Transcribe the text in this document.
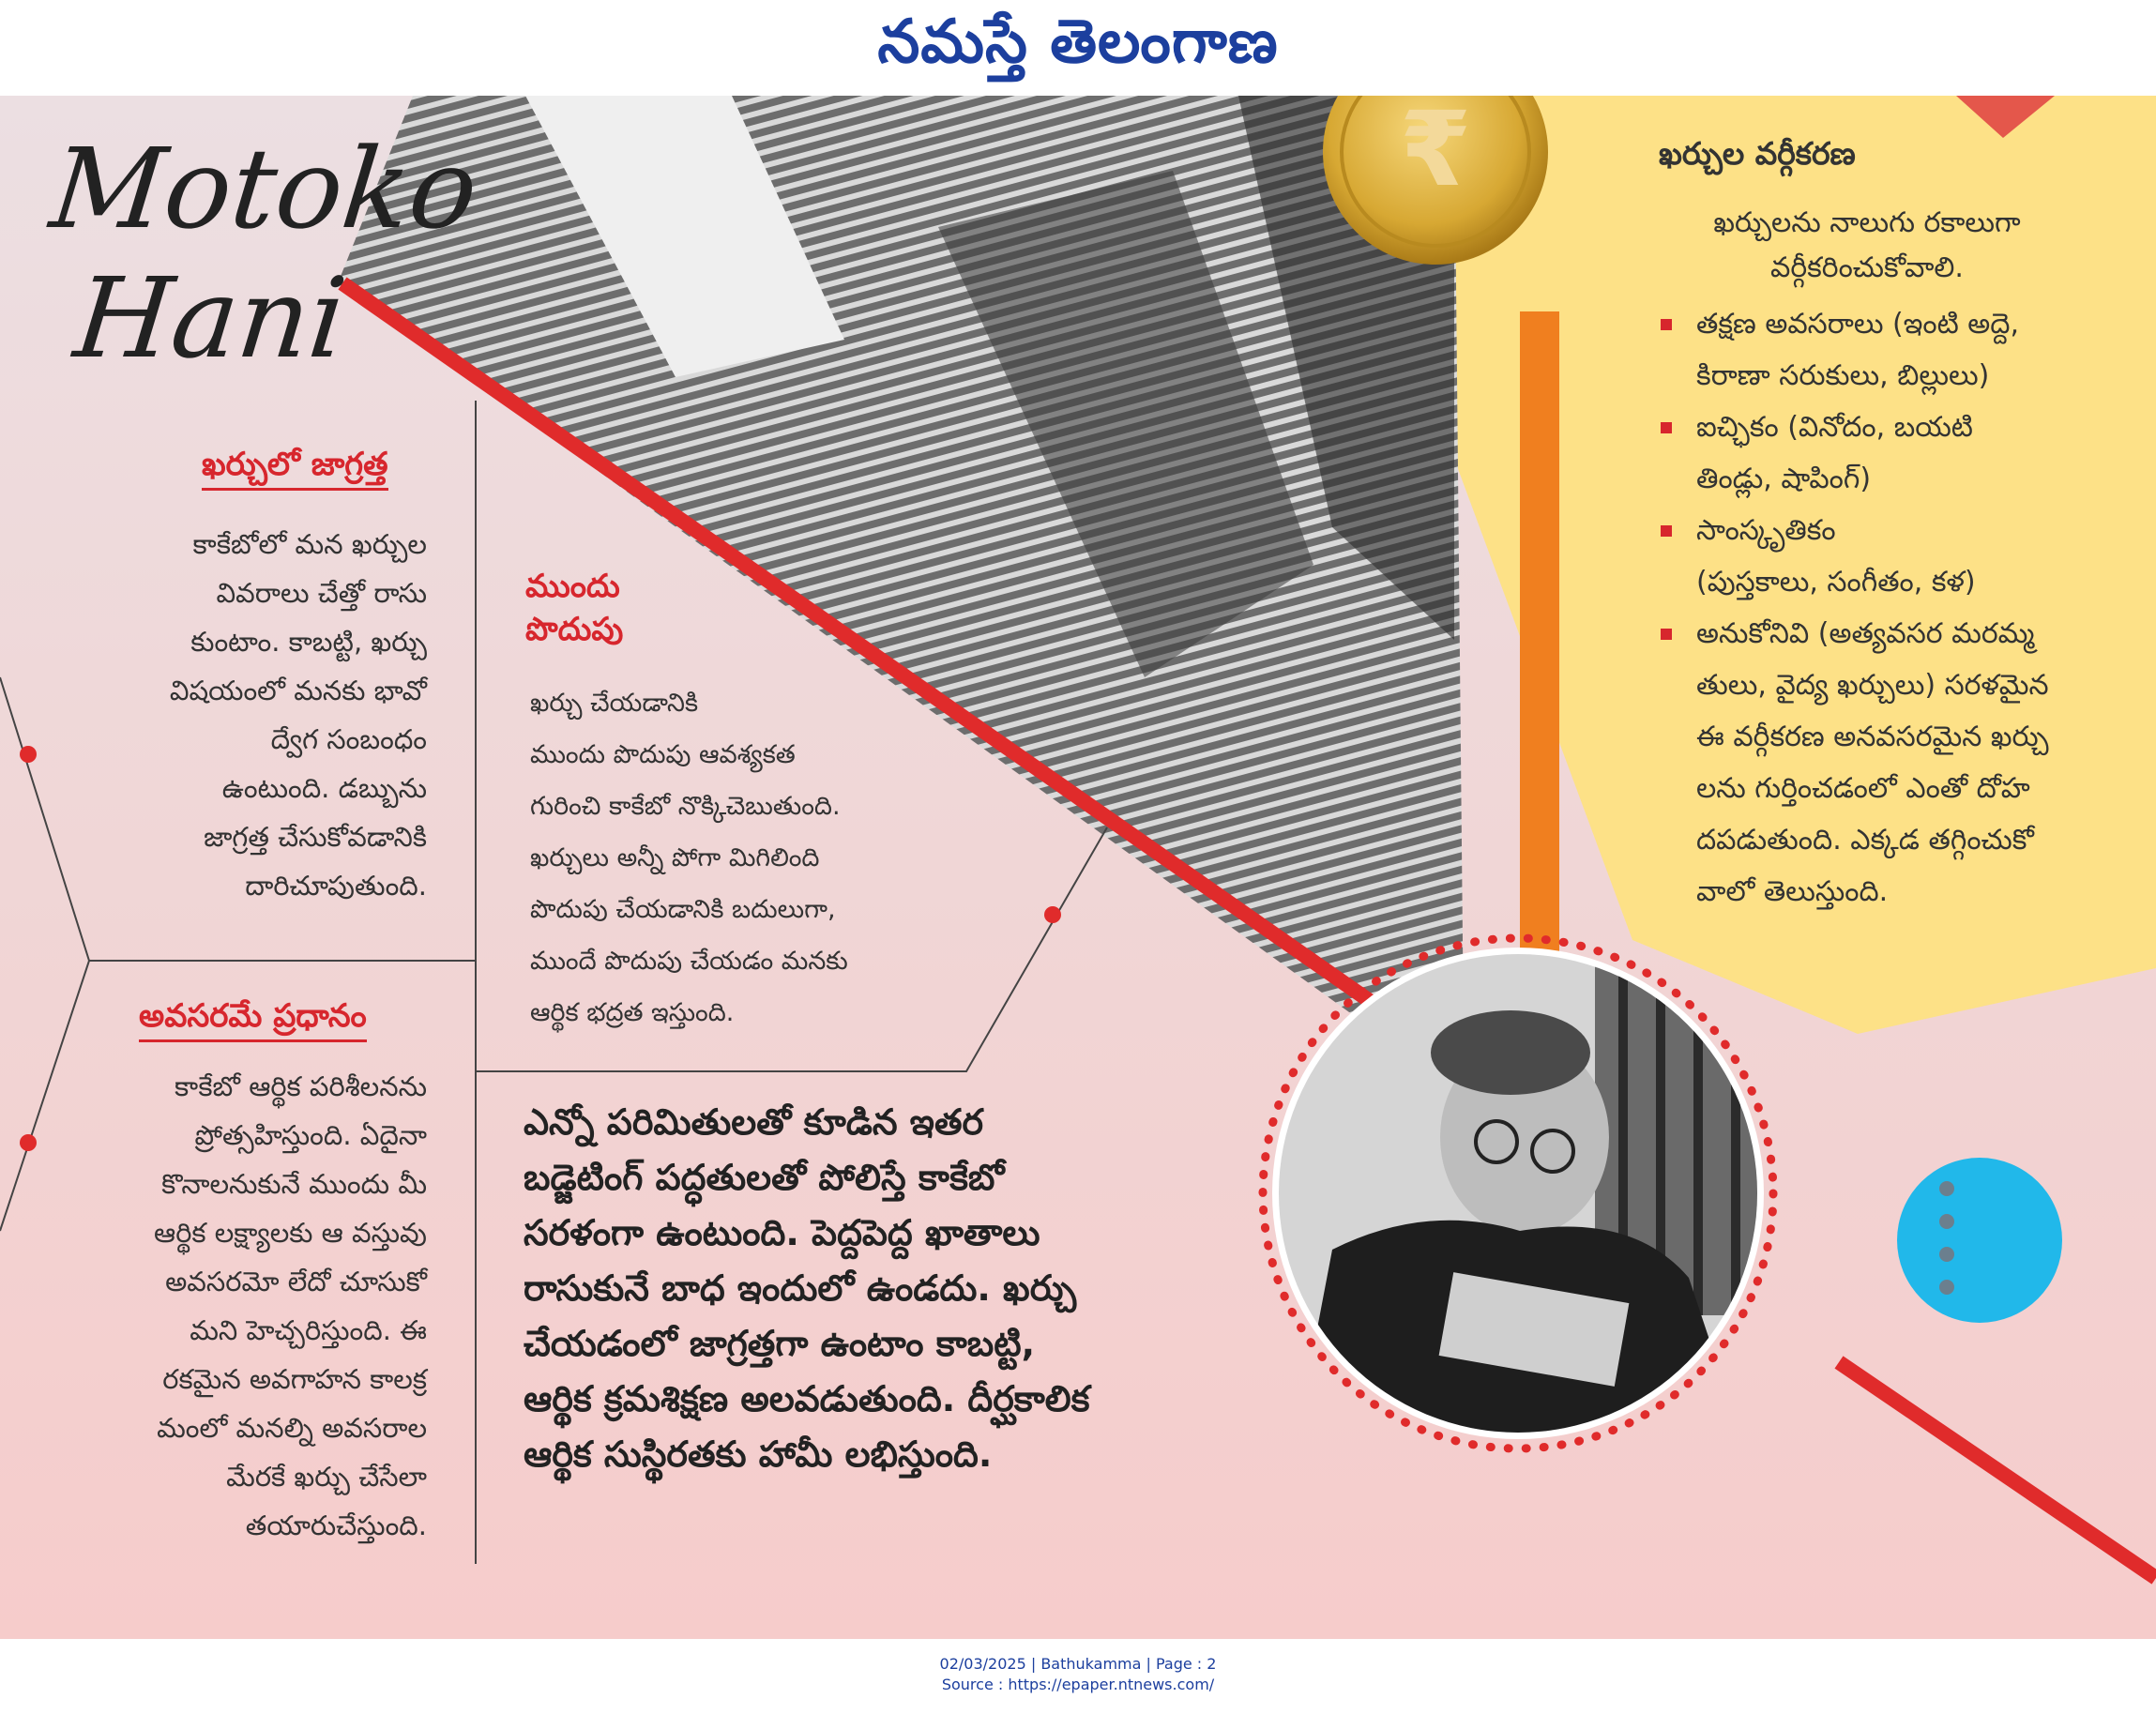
నమస్తే తెలంగాణ
₹
Motoko
Hani
ఖర్చులో జాగ్రత్త
కాకేబో‌లో మన ఖర్చుల
వివరాలు చేత్తో రాసు
కుంటాం. కాబట్టి, ఖర్చు
విషయంలో మనకు భావో
ద్వేగ సంబంధం
ఉంటుంది. డబ్బును
జాగ్రత్త చేసుకోవడానికి
దారిచూపుతుంది.
అవసరమే ప్రధానం
కాకేబో ఆర్థిక పరిశీలనను
ప్రోత్సహిస్తుంది. ఏదైనా
కొనాలనుకునే ముందు మీ
ఆర్థిక లక్ష్యాలకు ఆ వస్తువు
అవసరమో లేదో చూసుకో
మని హెచ్చరిస్తుంది. ఈ
రకమైన అవగాహన కాలక్ర
మంలో మనల్ని అవసరాల
మేరకే ఖర్చు చేసేలా
తయారుచేస్తుంది.
ముందు
పొదుపు
ఖర్చు చేయడానికి
ముందు పొదుపు ఆవశ్యకత
గురించి కాకేబో నొక్కిచెబుతుంది.
ఖర్చులు అన్నీ పోగా మిగిలింది
పొదుపు చేయడానికి బదులుగా,
ముందే పొదుపు చేయడం మనకు
ఆర్థిక భద్రత ఇస్తుంది.
ఎన్నో పరిమితులతో కూడిన ఇతర
బడ్జెటింగ్ పద్ధతులతో పోలిస్తే కాకేబో
సరళంగా ఉంటుంది. పెద్దపెద్ద ఖాతాలు
రాసుకునే బాధ ఇందులో ఉండదు. ఖర్చు
చేయడంలో జాగ్రత్తగా ఉంటాం కాబట్టి,
ఆర్థిక క్రమశిక్షణ అలవడుతుంది. దీర్ఘకాలిక
ఆర్థిక సుస్థిరతకు హామీ లభిస్తుంది.
ఖర్చుల వర్గీకరణ
ఖర్చులను నాలుగు రకాలుగా
వర్గీకరించుకోవాలి.
తక్షణ అవసరాలు (ఇంటి అద్దె,
కిరాణా సరుకులు, బిల్లులు)
ఐచ్ఛికం (వినోదం, బయటి
తిండ్లు, షాపింగ్)
సాంస్కృతికం
(పుస్తకాలు, సంగీతం, కళ)
అనుకోనివి (అత్యవసర మరమ్మ
తులు, వైద్య ఖర్చులు) సరళమైన
ఈ వర్గీకరణ అనవసరమైన ఖర్చు
లను గుర్తించడంలో ఎంతో దోహ
దపడుతుంది. ఎక్కడ తగ్గించుకో
వాలో తెలుస్తుంది.
02/03/2025 | Bathukamma | Page : 2
Source : https://epaper.ntnews.com/
